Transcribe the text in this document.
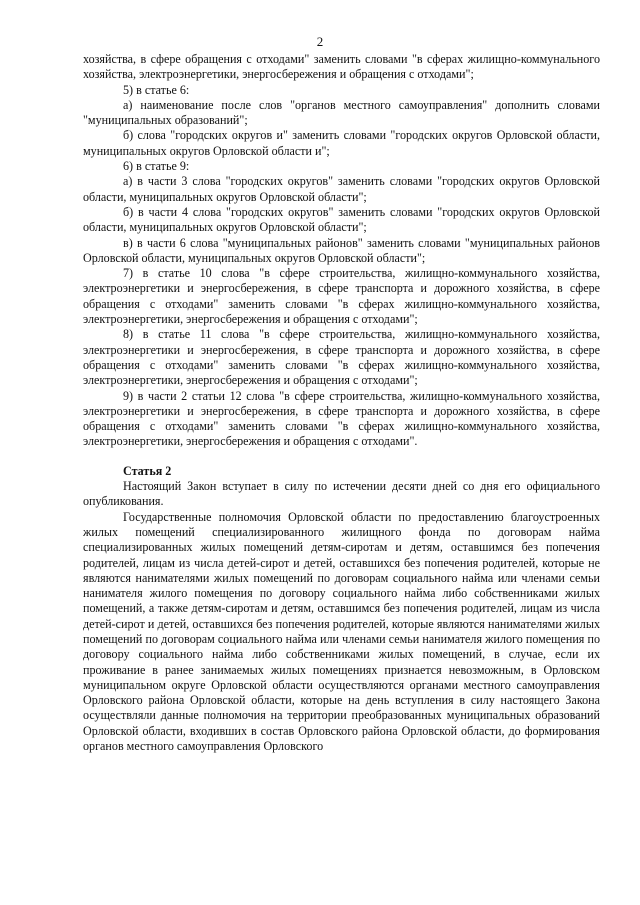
2

хозяйства, в сфере обращения с отходами" заменить словами "в сферах жилищно-коммунального хозяйства, электроэнергетики, энергосбережения и обращения с отходами";

5) в статье 6:

а) наименование после слов "органов местного самоуправления" дополнить словами "муниципальных образований";

б) слова "городских округов и" заменить словами "городских округов Орловской области, муниципальных округов Орловской области и";

6) в статье 9:

а) в части 3 слова "городских округов" заменить словами "городских округов Орловской области, муниципальных округов Орловской области";

б) в части 4 слова "городских округов" заменить словами "городских округов Орловской области, муниципальных округов Орловской области";

в) в части 6 слова "муниципальных районов" заменить словами "муниципальных районов Орловской области, муниципальных округов Орловской области";

7) в статье 10 слова "в сфере строительства, жилищно-коммунального хозяйства, электроэнергетики и энергосбережения, в сфере транспорта и дорожного хозяйства, в сфере обращения с отходами" заменить словами "в сферах жилищно-коммунального хозяйства, электроэнергетики, энергосбережения и обращения с отходами";

8) в статье 11 слова "в сфере строительства, жилищно-коммунального хозяйства, электроэнергетики и энергосбережения, в сфере транспорта и дорожного хозяйства, в сфере обращения с отходами" заменить словами "в сферах жилищно-коммунального хозяйства, электроэнергетики, энергосбережения и обращения с отходами";

9) в части 2 статьи 12 слова "в сфере строительства, жилищно-коммунального хозяйства, электроэнергетики и энергосбережения, в сфере транспорта и дорожного хозяйства, в сфере обращения с отходами" заменить словами "в сферах жилищно-коммунального хозяйства, электроэнергетики, энергосбережения и обращения с отходами".

Статья 2

Настоящий Закон вступает в силу по истечении десяти дней со дня его официального опубликования.

Государственные полномочия Орловской области по предоставлению благоустроенных жилых помещений специализированного жилищного фонда по договорам найма специализированных жилых помещений детям-сиротам и детям, оставшимся без попечения родителей, лицам из числа детей-сирот и детей, оставшихся без попечения родителей, которые не являются нанимателями жилых помещений по договорам социального найма или членами семьи нанимателя жилого помещения по договору социального найма либо собственниками жилых помещений, а также детям-сиротам и детям, оставшимся без попечения родителей, лицам из числа детей-сирот и детей, оставшихся без попечения родителей, которые являются нанимателями жилых помещений по договорам социального найма или членами семьи нанимателя жилого помещения по договору социального найма либо собственниками жилых помещений, в случае, если их проживание в ранее занимаемых жилых помещениях признается невозможным, в Орловском муниципальном округе Орловской области осуществляются органами местного самоуправления Орловского района Орловской области, которые на день вступления в силу настоящего Закона осуществляли данные полномочия на территории преобразованных муниципальных образований Орловской области, входивших в состав Орловского района Орловской области, до формирования органов местного самоуправления Орловского
